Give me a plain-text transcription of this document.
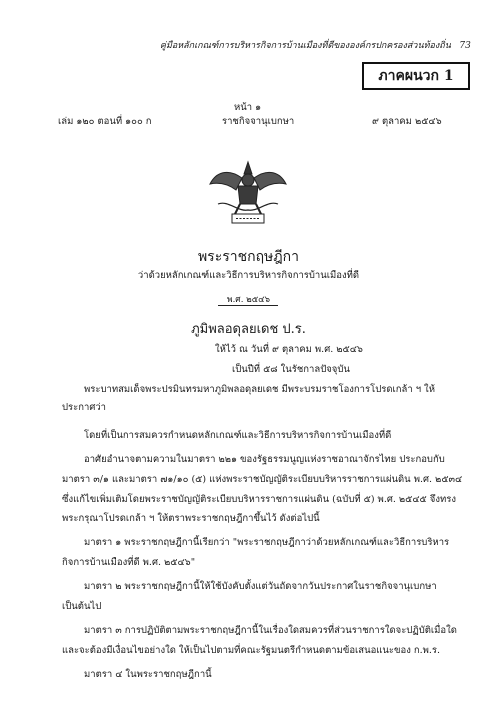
คู่มือหลักเกณฑ์การบริหารกิจการบ้านเมืองที่ดีขององค์กรปกครองส่วนท้องถิ่น 73
ภาคผนวก 1
หน้า ๑
เล่ม ๑๒๐ ตอนที่ ๑๐๐ ก	ราชกิจจานุเบกษา	๙ ตุลาคม ๒๕๔๖
พระราชกฤษฎีกา
ว่าด้วยหลักเกณฑ์และวิธีการบริหารกิจการบ้านเมืองที่ดี
พ.ศ. ๒๕๔๖
ภูมิพลอดุลยเดช ป.ร.
ให้ไว้ ณ วันที่ ๙ ตุลาคม พ.ศ. ๒๕๔๖
เป็นปีที่ ๕๘ ในรัชกาลปัจจุบัน
พระบาทสมเด็จพระปรมินทรมหาภูมิพลอดุลยเดช มีพระบรมราชโองการโปรดเกล้า ฯ ให้
ประกาศว่า
โดยที่เป็นการสมควรกำหนดหลักเกณฑ์และวิธีการบริหารกิจการบ้านเมืองที่ดี
อาศัยอำนาจตามความในมาตรา ๒๒๑ ของรัฐธรรมนูญแห่งราชอาณาจักรไทย ประกอบกับ
มาตรา ๓/๑ และมาตรา ๗๑/๑๐ (๕) แห่งพระราชบัญญัติระเบียบบริหารราชการแผ่นดิน พ.ศ. ๒๕๓๔
ซึ่งแก้ไขเพิ่มเติมโดยพระราชบัญญัติระเบียบบริหารราชการแผ่นดิน (ฉบับที่ ๕) พ.ศ. ๒๕๔๕ จึงทรง
พระกรุณาโปรดเกล้า ฯ ให้ตราพระราชกฤษฎีกาขึ้นไว้ ดังต่อไปนี้
มาตรา ๑ พระราชกฤษฎีกานี้เรียกว่า "พระราชกฤษฎีกาว่าด้วยหลักเกณฑ์และวิธีการบริหาร
กิจการบ้านเมืองที่ดี พ.ศ. ๒๕๔๖"
มาตรา ๒ พระราชกฤษฎีกานี้ให้ใช้บังคับตั้งแต่วันถัดจากวันประกาศในราชกิจจานุเบกษา
เป็นต้นไป
มาตรา ๓ การปฏิบัติตามพระราชกฤษฎีกานี้ในเรื่องใดสมควรที่ส่วนราชการใดจะปฏิบัติเมื่อใด
และจะต้องมีเงื่อนไขอย่างใด ให้เป็นไปตามที่คณะรัฐมนตรีกำหนดตามข้อเสนอแนะของ ก.พ.ร.
มาตรา ๔ ในพระราชกฤษฎีกานี้
